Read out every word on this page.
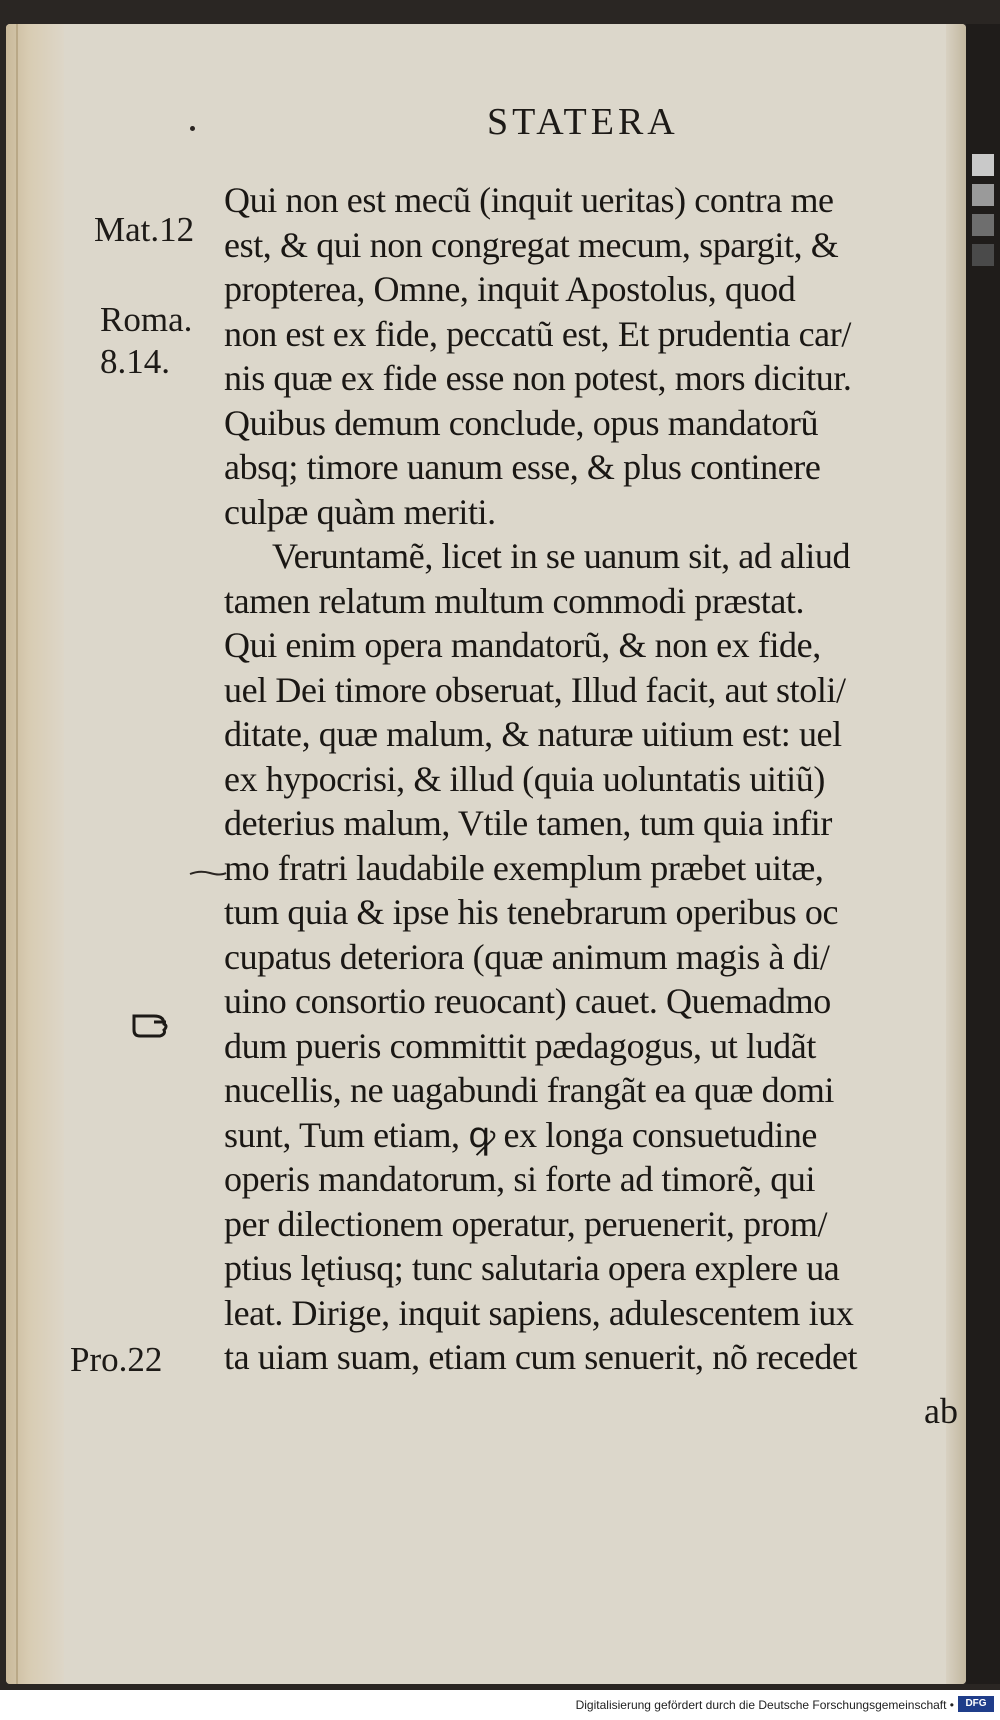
STATERA
Mat.12
Roma.
8.14.
Pro.22
Qui non est mecũ (inquit ueritas) contra me
est, & qui non congregat mecum, spargit, &
propterea, Omne, inquit Apostolus, quod
non est ex fide, peccatũ est, Et prudentia car/
nis quæ ex fide esse non potest, mors dicitur.
Quibus demum conclude, opus mandatorũ
absq; timore uanum esse, & plus continere
culpæ quàm meriti.
Veruntamẽ, licet in se uanum sit, ad aliud
tamen relatum multum commodi præstat.
Qui enim opera mandatorũ, & non ex fide,
uel Dei timore obseruat, Illud facit, aut stoli/
ditate, quæ malum, & naturæ uitium est: uel
ex hypocrisi, & illud (quia uoluntatis uitiũ)
deterius malum, Vtile tamen, tum quia infir
mo fratri laudabile exemplum præbet uitæ,
tum quia & ipse his tenebrarum operibus oc
cupatus deteriora (quæ animum magis à di/
uino consortio reuocant) cauet. Quemadmo
dum pueris committit pædagogus, ut ludãt
nucellis, ne uagabundi frangãt ea quæ domi
sunt, Tum etiam, ꝙ ex longa consuetudine
operis mandatorum, si forte ad timorẽ, qui
per dilectionem operatur, peruenerit, prom/
ptius lętiusq; tunc salutaria opera explere ua
leat. Dirige, inquit sapiens, adulescentem iux
ta uiam suam, etiam cum senuerit, nõ recedet
ab
Digitalisierung gefördert durch die Deutsche Forschungsgemeinschaft •	DFG
